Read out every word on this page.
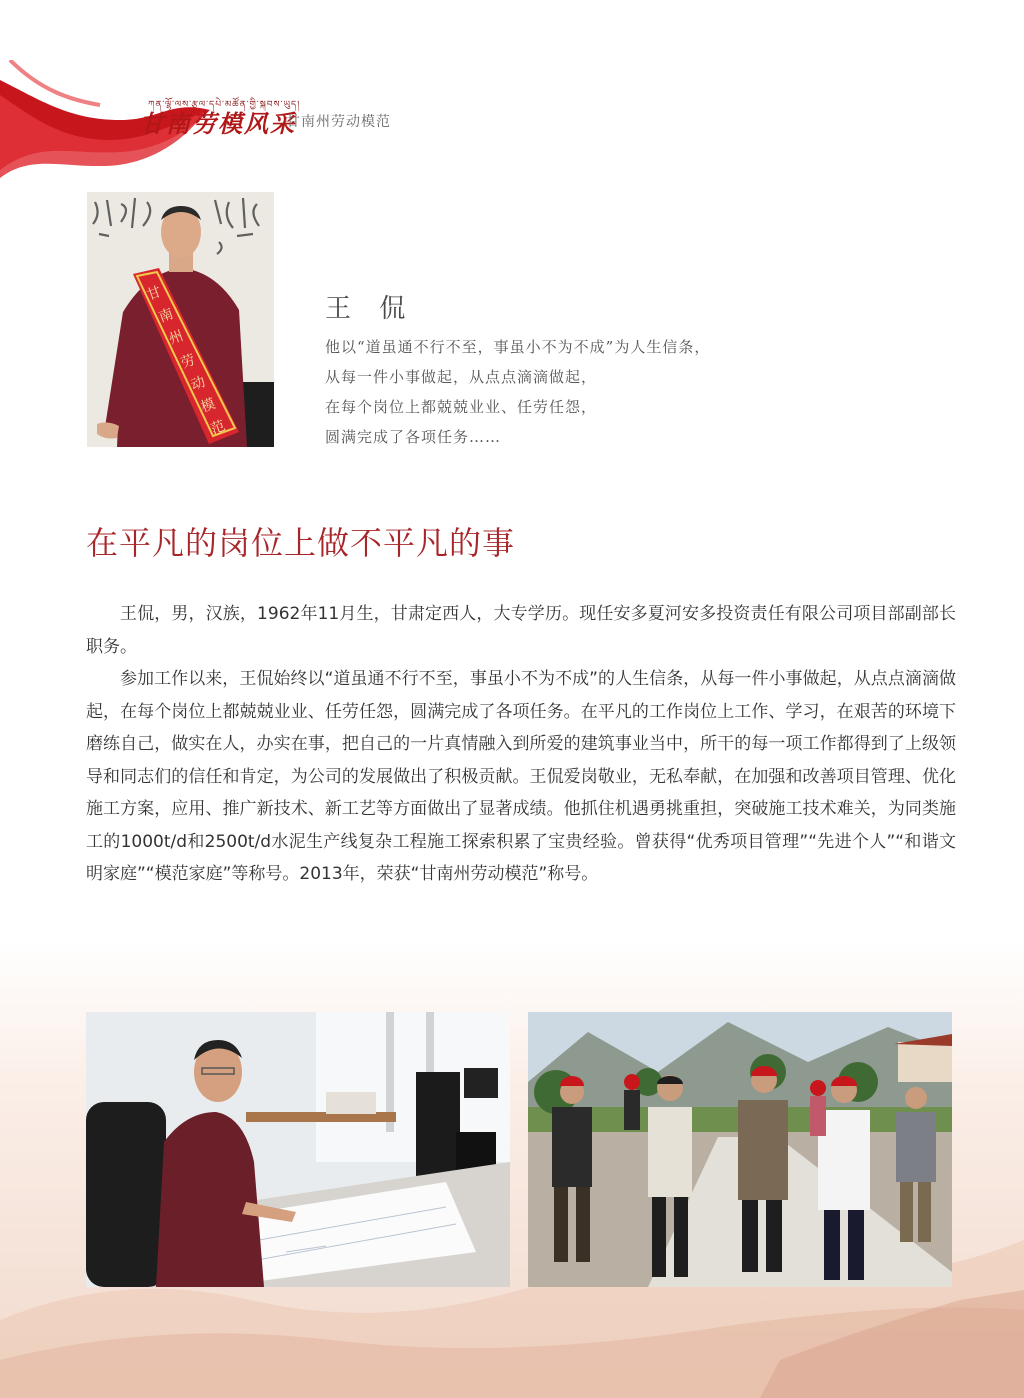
ཀན་ལྷོ་ལས་རྩལ་དཔེ་མཚོན་གྱི་སྐབས་ཡུད།
甘南劳模风采
甘南州劳动模范
甘
南
州
劳
动
模
范
王 侃
他以“道虽通不行不至，事虽小不为不成”为人生信条，
从每一件小事做起，从点点滴滴做起，
在每个岗位上都兢兢业业、任劳任怨，
圆满完成了各项任务……
在平凡的岗位上做不平凡的事

王侃，男，汉族，1962年11月生，甘肃定西人，大专学历。现任安多夏河安多投资责任有限公司项目部副部长职务。

参加工作以来，王侃始终以“道虽通不行不至，事虽小不为不成”的人生信条，从每一件小事做起，从点点滴滴做起，在每个岗位上都兢兢业业、任劳任怨，圆满完成了各项任务。在平凡的工作岗位上工作、学习，在艰苦的环境下磨练自己，做实在人，办实在事，把自己的一片真情融入到所爱的建筑事业当中，所干的每一项工作都得到了上级领导和同志们的信任和肯定，为公司的发展做出了积极贡献。王侃爱岗敬业，无私奉献，在加强和改善项目管理、优化施工方案，应用、推广新技术、新工艺等方面做出了显著成绩。他抓住机遇勇挑重担，突破施工技术难关，为同类施工的1000t/d和2500t/d水泥生产线复杂工程施工探索积累了宝贵经验。曾获得“优秀项目管理”“先进个人”“和谐文明家庭”“模范家庭”等称号。2013年，荣获“甘南州劳动模范”称号。
